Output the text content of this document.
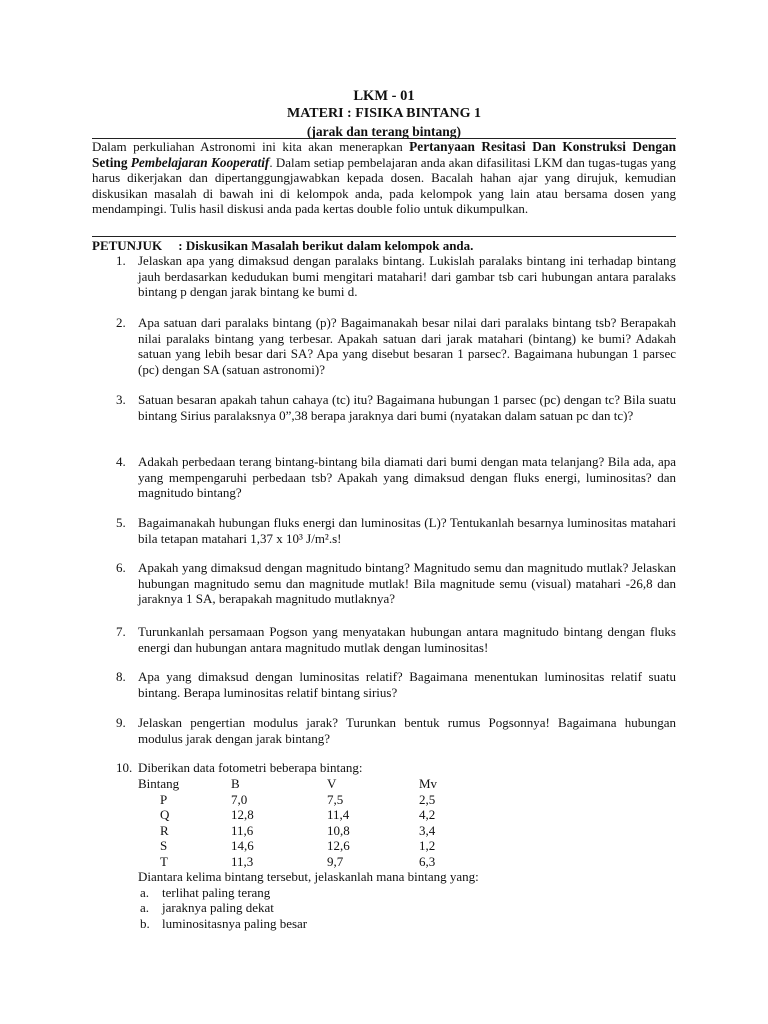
LKM - 01
MATERI : FISIKA BINTANG 1
(jarak dan terang bintang)
Dalam perkuliahan Astronomi ini kita akan menerapkan Pertanyaan Resitasi Dan Konstruksi Dengan Seting Pembelajaran Kooperatif. Dalam setiap pembelajaran anda akan difasilitasi LKM dan tugas-tugas yang harus dikerjakan dan dipertanggungjawabkan kepada dosen. Bacalah hahan ajar yang dirujuk, kemudian diskusikan masalah di bawah ini di kelompok anda, pada kelompok yang lain atau bersama dosen yang mendampingi. Tulis hasil diskusi anda pada kertas double folio untuk dikumpulkan.
PETUNJUK     : Diskusikan Masalah berikut dalam kelompok anda.
1. Jelaskan apa yang dimaksud dengan paralaks bintang. Lukislah paralaks bintang ini terhadap bintang jauh berdasarkan kedudukan bumi mengitari matahari! dari gambar tsb cari hubungan antara paralaks bintang p dengan jarak bintang ke bumi d.
2. Apa satuan dari paralaks bintang (p)? Bagaimanakah besar nilai dari paralaks bintang tsb? Berapakah nilai paralaks bintang yang terbesar. Apakah satuan dari jarak matahari (bintang) ke bumi? Adakah satuan yang lebih besar dari SA? Apa yang disebut besaran 1 parsec?. Bagaimana hubungan 1 parsec (pc) dengan SA (satuan astronomi)?
3. Satuan besaran apakah tahun cahaya (tc) itu? Bagaimana hubungan 1 parsec (pc) dengan tc? Bila suatu bintang Sirius paralaksnya 0”,38 berapa jaraknya dari bumi (nyatakan dalam satuan pc dan tc)?
4. Adakah perbedaan terang bintang-bintang bila diamati dari bumi dengan mata telanjang? Bila ada, apa yang mempengaruhi perbedaan tsb? Apakah yang dimaksud dengan fluks energi, luminositas? dan magnitudo bintang?
5. Bagaimanakah hubungan fluks energi dan luminositas (L)? Tentukanlah besarnya luminositas matahari bila tetapan matahari 1,37 x 10³ J/m².s!
6. Apakah yang dimaksud dengan magnitudo bintang? Magnitudo semu dan magnitudo mutlak? Jelaskan hubungan magnitudo semu dan magnitude mutlak! Bila magnitude semu (visual) matahari -26,8 dan jaraknya 1 SA, berapakah magnitudo mutlaknya?
7. Turunkanlah persamaan Pogson yang menyatakan hubungan antara magnitudo bintang dengan fluks energi dan hubungan antara magnitudo mutlak dengan luminositas!
8. Apa yang dimaksud dengan luminositas relatif? Bagaimana menentukan luminositas relatif suatu bintang. Berapa luminositas relatif bintang sirius?
9. Jelaskan pengertian modulus jarak? Turunkan bentuk rumus Pogsonnya! Bagaimana hubungan modulus jarak dengan jarak bintang?
10. Diberikan data fotometri beberapa bintang:
Bintang	B	V	Mv
P	7,0	7,5	2,5
Q	12,8	11,4	4,2
R	11,6	10,8	3,4
S	14,6	12,6	1,2
T	11,3	9,7	6,3
Diantara kelima bintang tersebut, jelaskanlah mana bintang yang:
a. terlihat paling terang
a. jaraknya paling dekat
b. luminositasnya paling besar
